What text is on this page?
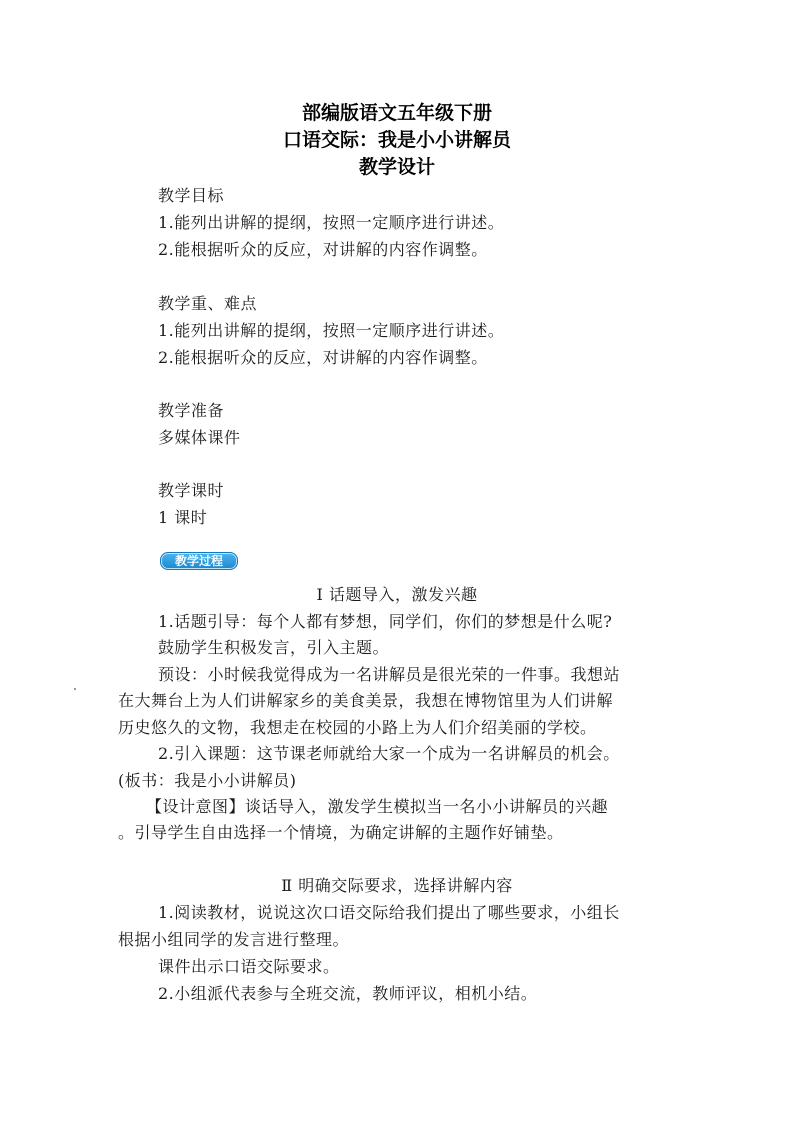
部编版语文五年级下册
口语交际：我是小小讲解员
教学设计
教学目标
1.能列出讲解的提纲，按照一定顺序进行讲述。
2.能根据听众的反应，对讲解的内容作调整。
教学重、难点
1.能列出讲解的提纲，按照一定顺序进行讲述。
2.能根据听众的反应，对讲解的内容作调整。
教学准备
多媒体课件
教学课时
1 课时
教学过程
Ⅰ 话题导入，激发兴趣
1.话题引导：每个人都有梦想，同学们，你们的梦想是什么呢?
鼓励学生积极发言，引入主题。
预设：小时候我觉得成为一名讲解员是很光荣的一件事。我想站
在大舞台上为人们讲解家乡的美食美景，我想在博物馆里为人们讲解
历史悠久的文物，我想走在校园的小路上为人们介绍美丽的学校。
2.引入课题：这节课老师就给大家一个成为一名讲解员的机会。
(板书：我是小小讲解员)
【设计意图】谈话导入，激发学生模拟当一名小小讲解员的兴趣
。引导学生自由选择一个情境，为确定讲解的主题作好铺垫。
Ⅱ 明确交际要求，选择讲解内容
1.阅读教材，说说这次口语交际给我们提出了哪些要求，小组长
根据小组同学的发言进行整理。
课件出示口语交际要求。
2.小组派代表参与全班交流，教师评议，相机小结。
